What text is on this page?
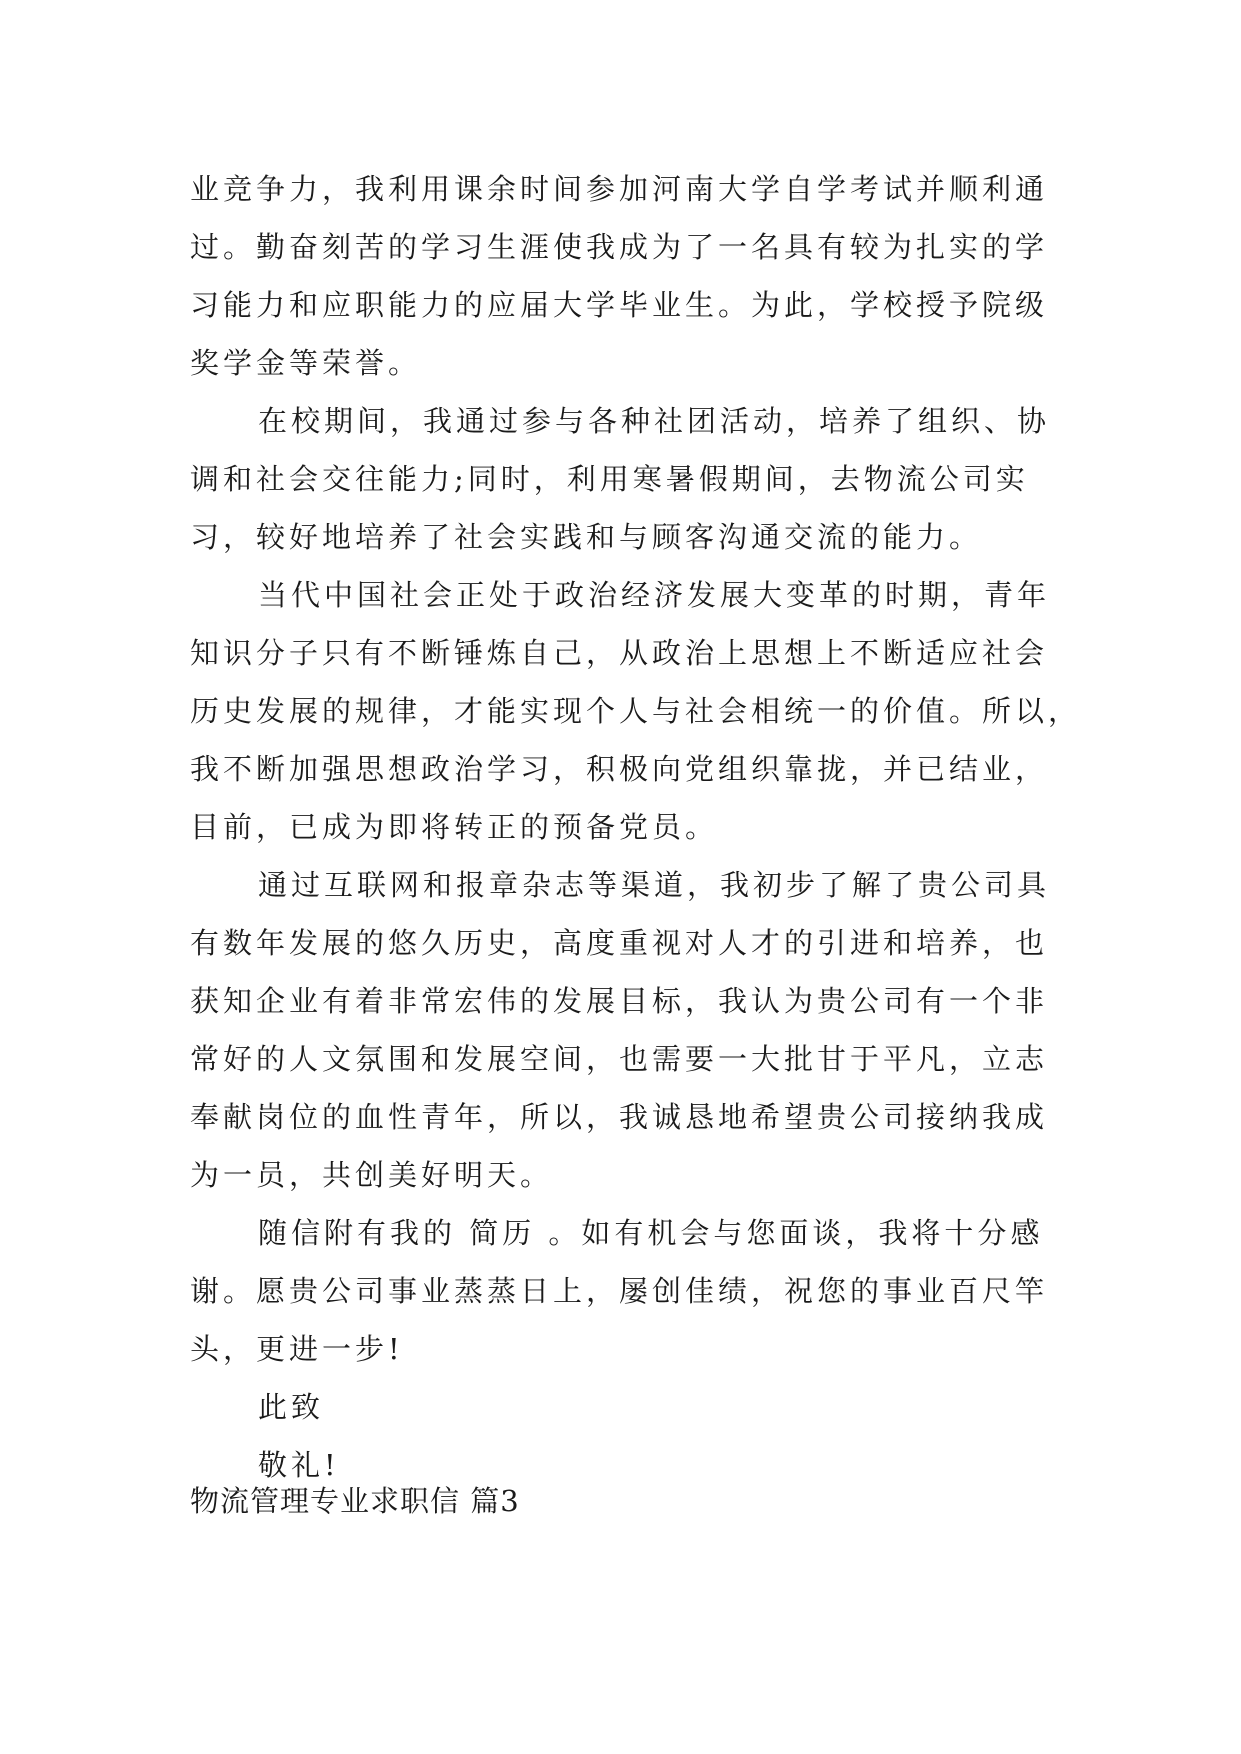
业竞争力，我利用课余时间参加河南大学自学考试并顺利通
过。勤奋刻苦的学习生涯使我成为了一名具有较为扎实的学
习能力和应职能力的应届大学毕业生。为此，学校授予院级
奖学金等荣誉。
在校期间，我通过参与各种社团活动，培养了组织、协
调和社会交往能力;同时，利用寒暑假期间，去物流公司实
习，较好地培养了社会实践和与顾客沟通交流的能力。
当代中国社会正处于政治经济发展大变革的时期，青年
知识分子只有不断锤炼自己，从政治上思想上不断适应社会
历史发展的规律，才能实现个人与社会相统一的价值。所以，
我不断加强思想政治学习，积极向党组织靠拢，并已结业，
目前，已成为即将转正的预备党员。
通过互联网和报章杂志等渠道，我初步了解了贵公司具
有数年发展的悠久历史，高度重视对人才的引进和培养，也
获知企业有着非常宏伟的发展目标，我认为贵公司有一个非
常好的人文氛围和发展空间，也需要一大批甘于平凡，立志
奉献岗位的血性青年，所以，我诚恳地希望贵公司接纳我成
为一员，共创美好明天。
随信附有我的 简历 。如有机会与您面谈，我将十分感
谢。愿贵公司事业蒸蒸日上，屡创佳绩，祝您的事业百尺竿
头，更进一步!
此致
敬礼!
物流管理专业求职信 篇3
